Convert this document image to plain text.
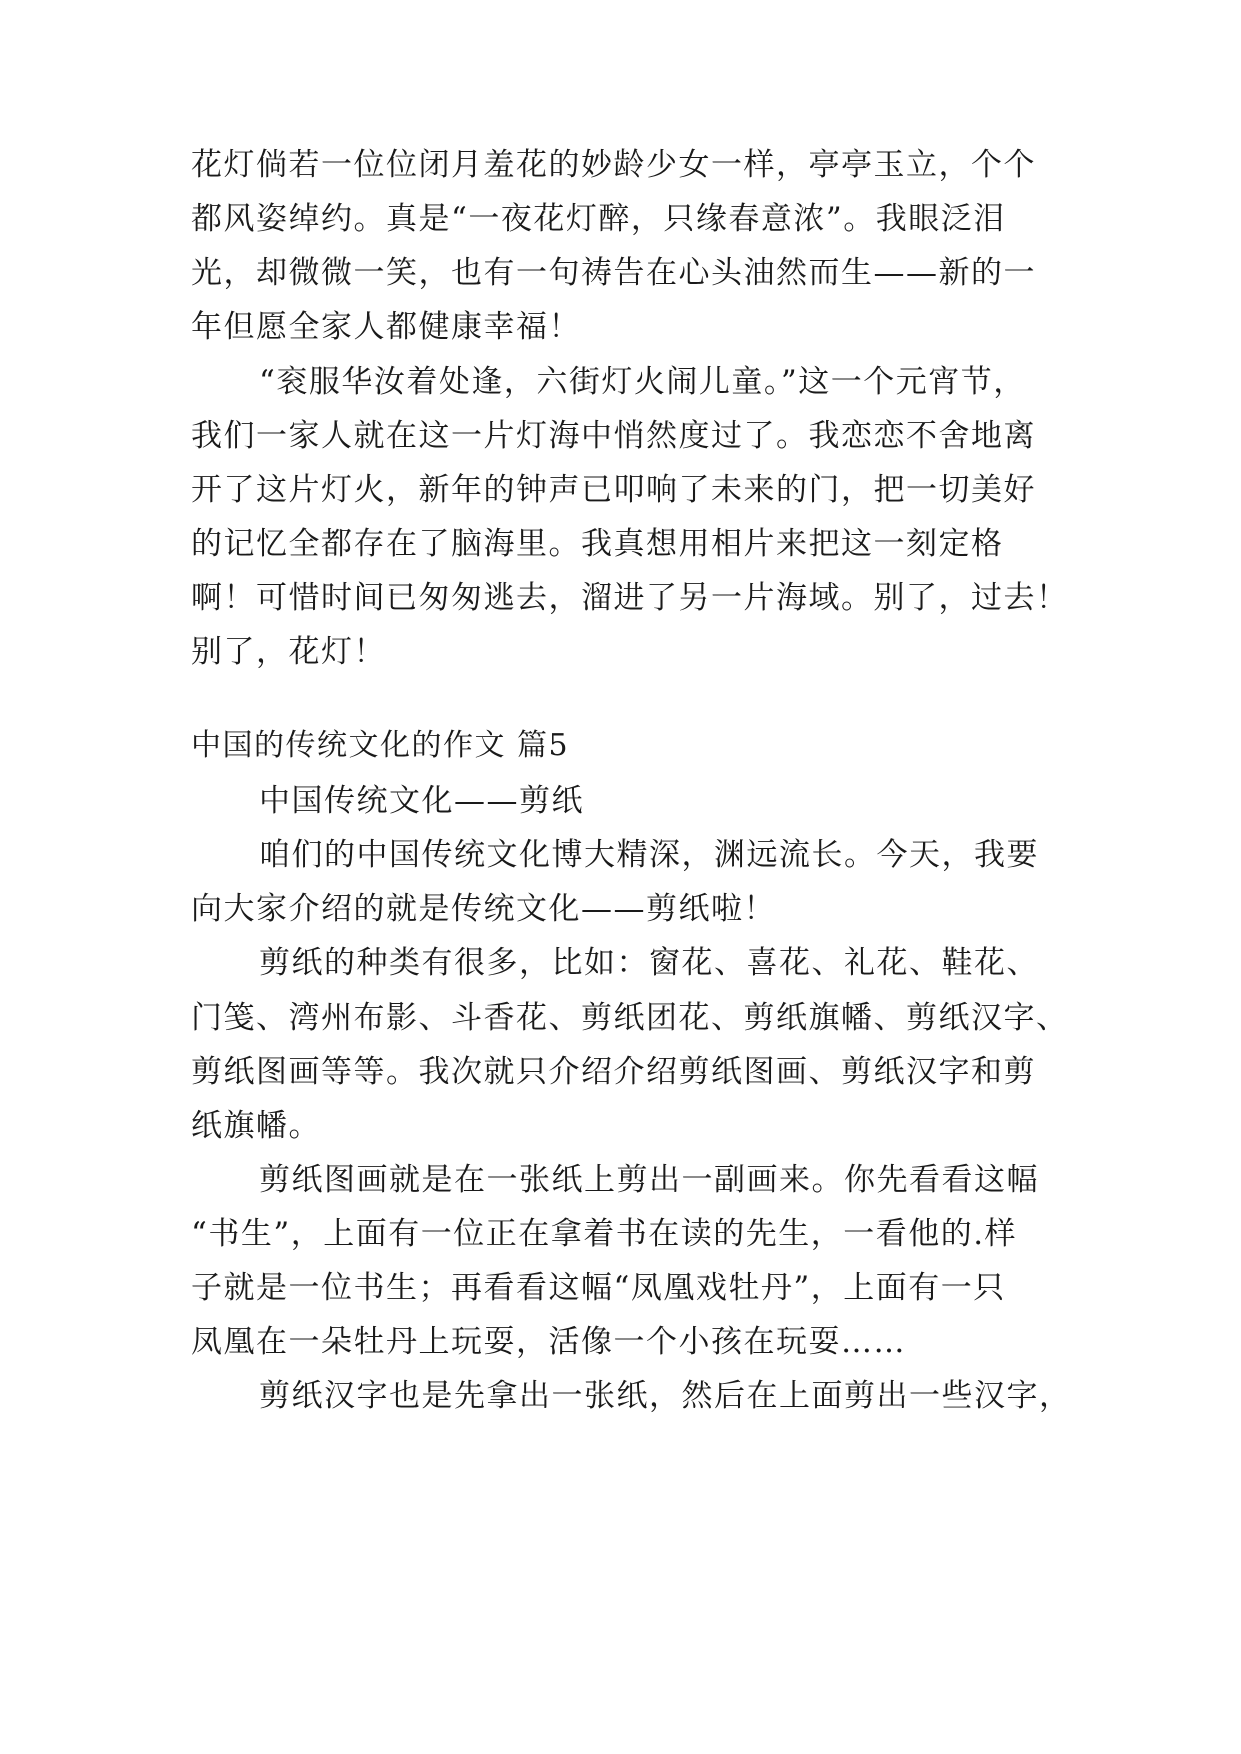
花灯倘若一位位闭月羞花的妙龄少女一样，亭亭玉立，个个
都风姿绰约。真是“一夜花灯醉，只缘春意浓”。我眼泛泪
光，却微微一笑，也有一句祷告在心头油然而生——新的一
年但愿全家人都健康幸福！
“衮服华汝着处逢，六街灯火闹儿童。”这一个元宵节，
我们一家人就在这一片灯海中悄然度过了。我恋恋不舍地离
开了这片灯火，新年的钟声已叩响了未来的门，把一切美好
的记忆全都存在了脑海里。我真想用相片来把这一刻定格
啊！可惜时间已匆匆逃去，溜进了另一片海域。别了，过去！
别了，花灯！
中国的传统文化的作文 篇5
中国传统文化——剪纸
咱们的中国传统文化博大精深，渊远流长。今天，我要
向大家介绍的就是传统文化——剪纸啦！
剪纸的种类有很多，比如：窗花、喜花、礼花、鞋花、
门笺、湾州布影、斗香花、剪纸团花、剪纸旗幡、剪纸汉字、
剪纸图画等等。我次就只介绍介绍剪纸图画、剪纸汉字和剪
纸旗幡。
剪纸图画就是在一张纸上剪出一副画来。你先看看这幅
“书生”，上面有一位正在拿着书在读的先生，一看他的.样
子就是一位书生；再看看这幅“凤凰戏牡丹”，上面有一只
凤凰在一朵牡丹上玩耍，活像一个小孩在玩耍……
剪纸汉字也是先拿出一张纸，然后在上面剪出一些汉字，
